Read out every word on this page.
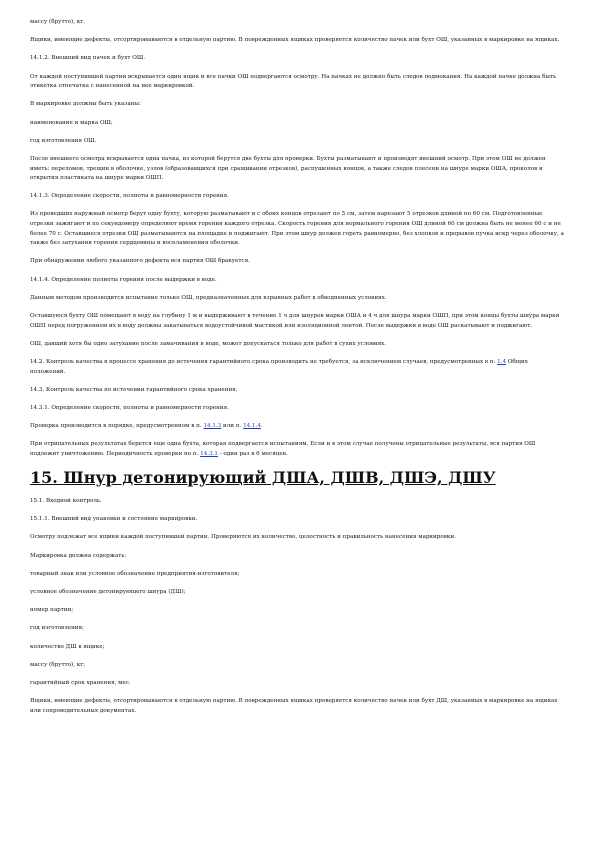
массу (брутто), кг.

Ящики, имеющие дефекты, отсортировываются в отдельную партию. В поврежденных ящиках проверяется количество пачек или бухт ОШ, указанных в маркировке на ящиках.

14.1.2. Внешний вид пачек и бухт ОШ.

От каждой поступившей партии вскрывается один ящик и все пачки ОШ подвергаются осмотру. На пачках не должно быть следов подмокания. На каждой пачке должна быть этикетка отпечатка с нанесенной на нее маркировкой.

В маркировке должны быть указаны:

наименование и марка ОШ;

год изготовления ОШ.

После внешнего осмотра вскрывается одна пачка, из которой берутся две бухты для проверки. Бухты разматывают и производят внешний осмотр. При этом ОШ не должен иметь: переломов, трещин в оболочке, узлов (образовавшихся при сращивании отрезков), распушенных концов, а также следов плесени на шнуре марки ОША, проколов и открытия пластиката на шнуре марки ОШП.

14.1.3. Определение скорости, полноты и равномерности горения.

Из проведших наружный осмотр берут одну бухту, которую разматывают и с обоих концов отрезают по 5 см, затем нарезают 5 отрезков длиной по 60 см. Подготовленные отрезки зажигают и по секундомеру определяют время горения каждого отрезка. Скорость горения для нормального горения ОШ длиной 60 см должна быть не менее 60 с и не более 70 с. Оставшиеся отрезки ОШ разматываются на площадке и поджигают. При этом шнур должен гореть равномерно, без хлопков и прорывов пучка искр через оболочку, а также без затухания горения сердцевины и воспламенения оболочки.

При обнаружении любого указанного дефекта вся партия ОШ бракуется.

14.1.4. Определение полноты горения после выдержки в воде.

Данным методом производится испытание только ОШ, предназначенных для взрывных работ в обводненных условиях.

Оставшуюся бухту ОШ помещают в воду на глубину 1 м и выдерживают в течение 1 ч для шнуров марки ОША и 4 ч для шнура марки ОШП, при этом концы бухты шнура марки ОШП перед погружением их в воду должны закатываться водоустойчивой мастикой или изоляционной лентой. После выдержки в воде ОШ раскатывают и поджигают.

ОШ, давший хотя бы одно затухание после замачивания в воде, может допускаться только для работ в сухих условиях.

14.2. Контроль качества в процессе хранения до истечения гарантийного срока производить не требуется, за исключением случаев, предусмотренных в п. 1.4 Общих положений.

14.3. Контроль качества по истечении гарантийного срока хранения.

14.3.1. Определение скорости, полноты и равномерности горения.

Проверка производится в порядке, предусмотренном в п. 14.1.3 или п. 14.1.4.

При отрицательных результатах берется еще одна бухта, которая подвергается испытаниям. Если и в этом случае получены отрицательные результаты, вся партия ОШ подлежит уничтожению. Периодичность проверки по п. 14.3.1 - один раз в 6 месяцев.

15. Шнур детонирующий ДША, ДШВ, ДШЭ, ДШУ

15.1. Входной контроль.

15.1.1. Внешний вид упаковки и состояние маркировки.

Осмотру подлежат все ящики каждой поступившей партии. Проверяются их количество, целостность и правильность нанесения маркировки.

Маркировка должна содержать:

товарный знак или условное обозначение предприятия-изготовителя;

условное обозначение детонирующего шнура (ДШ);

номер партии;

год изготовления;

количество ДШ в ящике;

массу (брутто), кг;

гарантийный срок хранения, мес.

Ящики, имеющие дефекты, отсортировываются в отдельную партию. В поврежденных ящиках проверяется количество пачек или бухт ДШ, указанных в маркировке на ящиках или сопроводительных документах.
